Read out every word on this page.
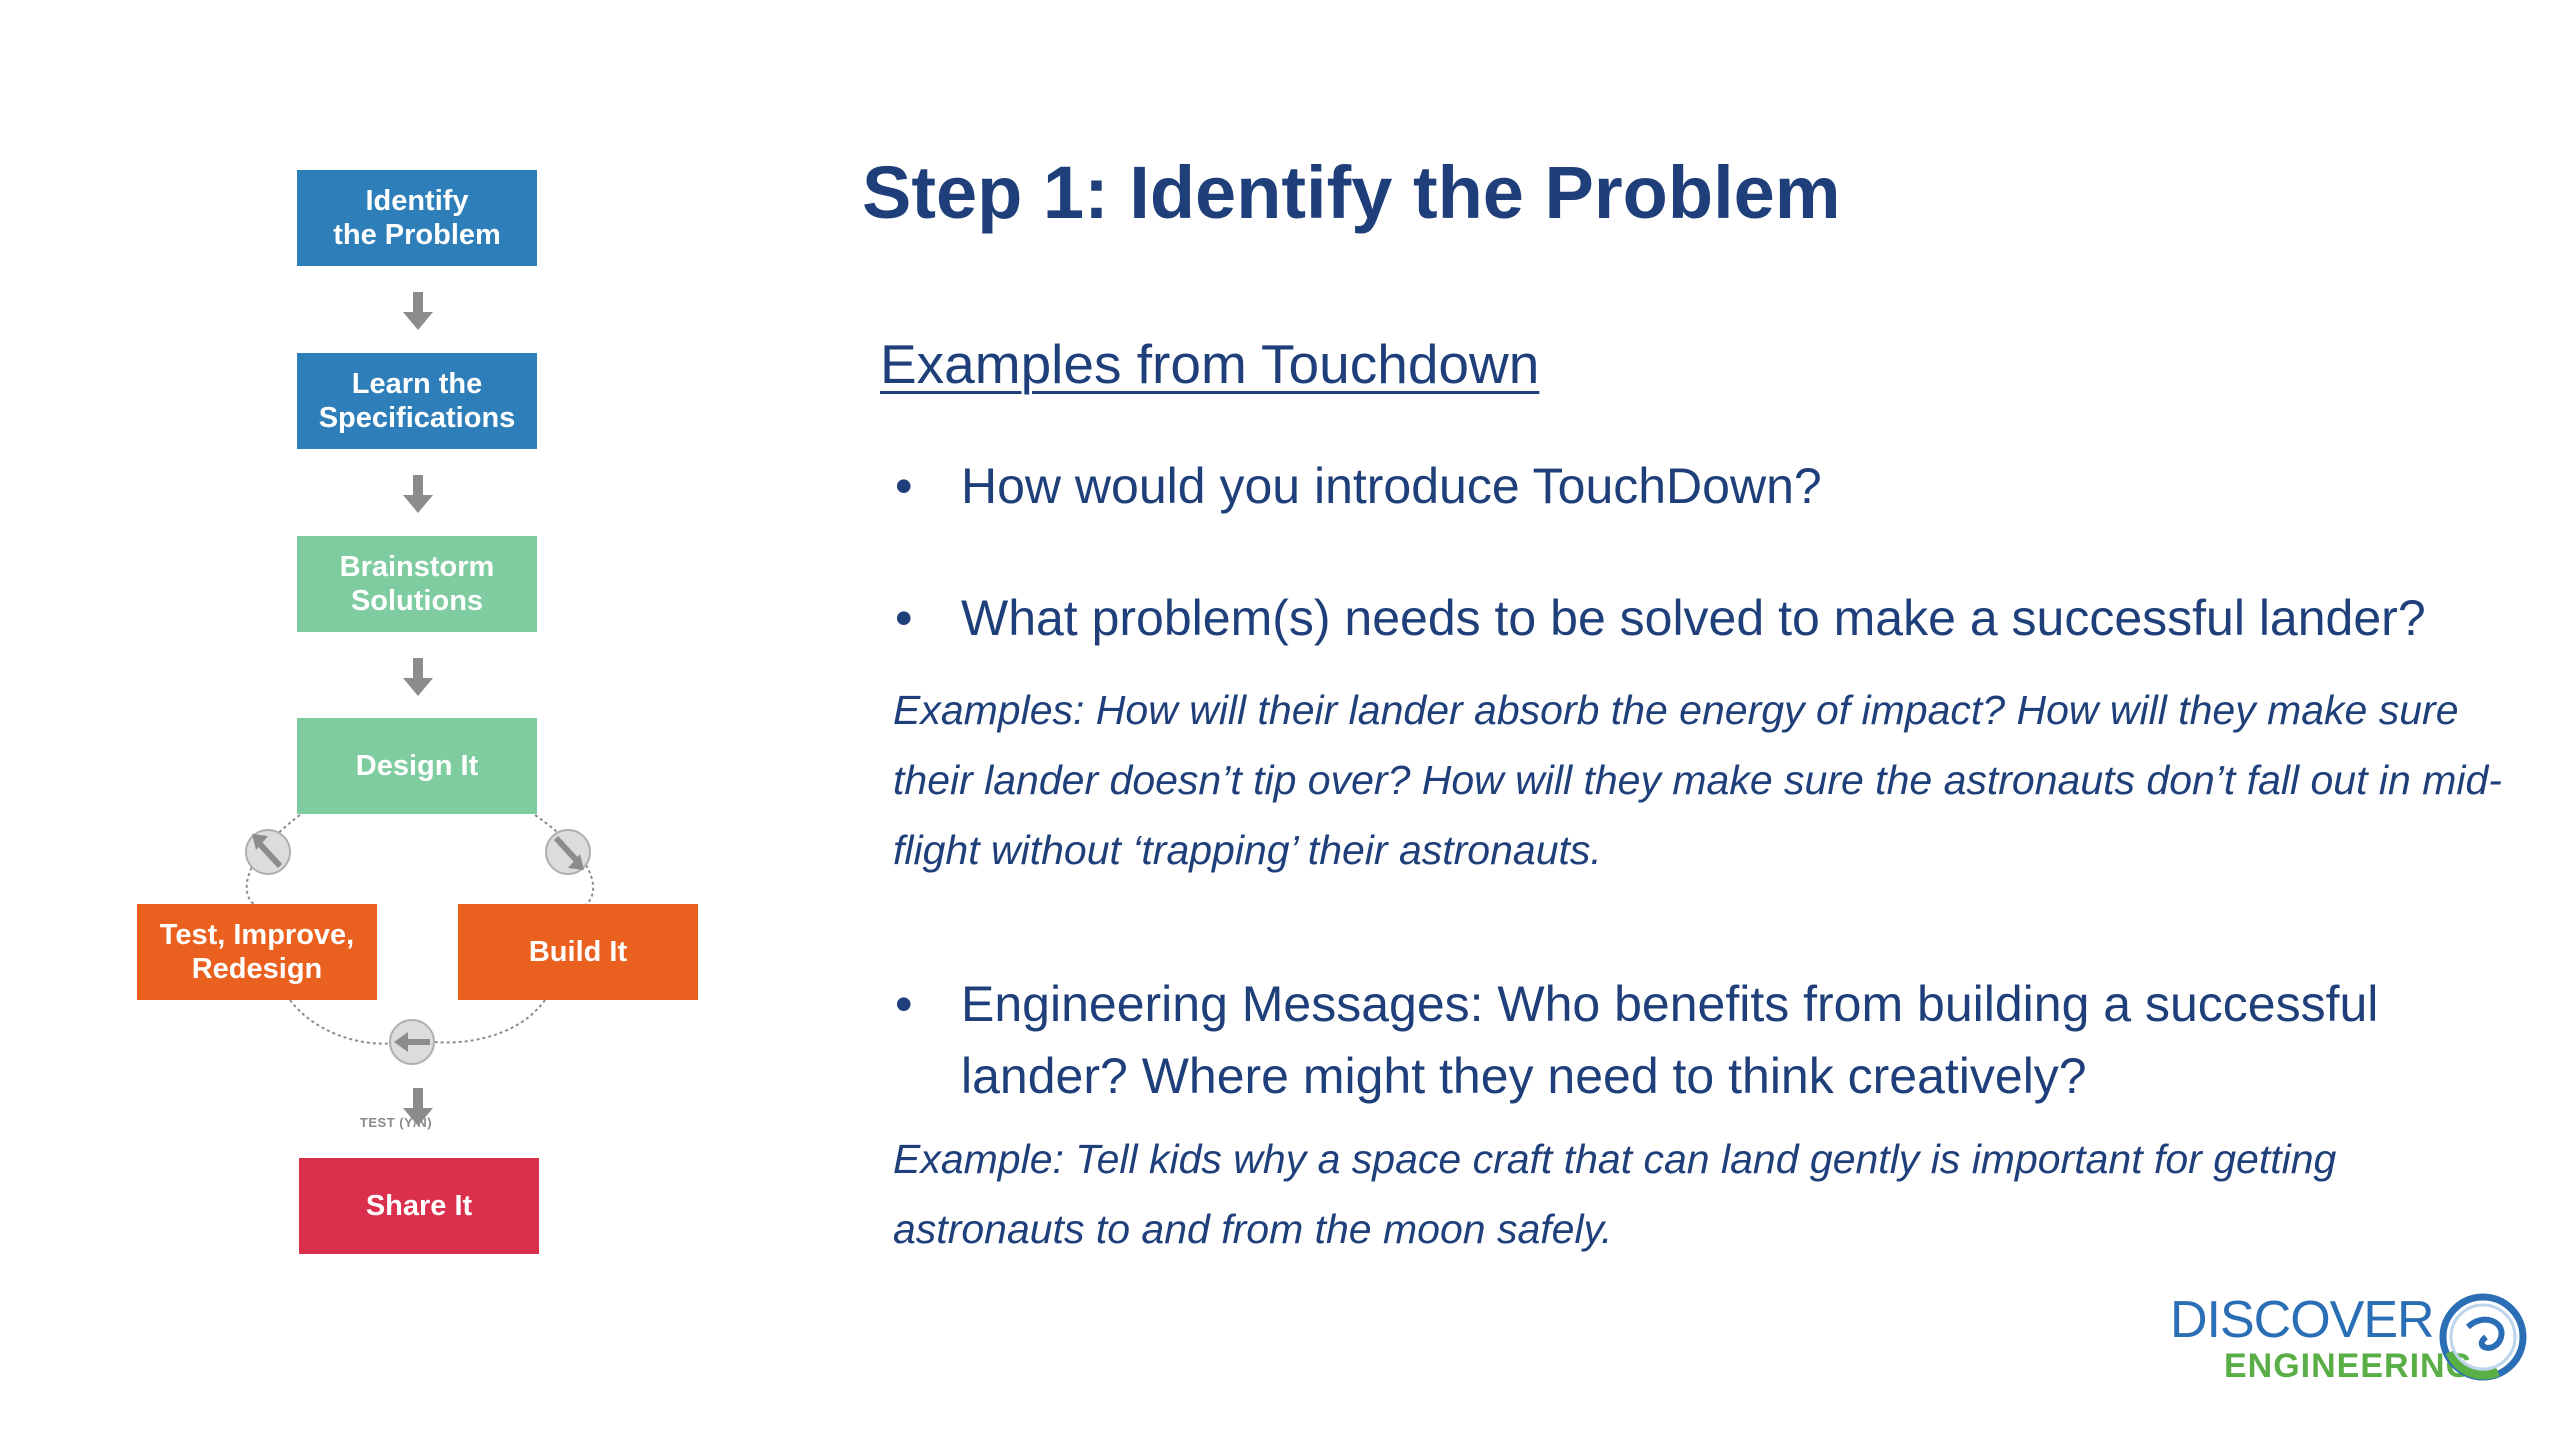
Identify
the Problem
Learn the
Specifications
Brainstorm
Solutions
Design It
Test, Improve,
Redesign
Build It
TEST (Y/N)
Share It
Step 1: Identify the Problem
Examples from Touchdown
• How would you introduce TouchDown?
• What problem(s) needs to be solved to make a successful lander?
Examples: How will their lander absorb the energy of impact? How will they make sure their lander doesn’t tip over? How will they make sure the astronauts don’t fall out in mid-flight without ‘trapping’ their astronauts.
• Engineering Messages: Who benefits from building a successful lander? Where might they need to think creatively?
Example: Tell kids why a space craft that can land gently is important for getting astronauts to and from the moon safely.
DISCOVER
ENGINEERING
